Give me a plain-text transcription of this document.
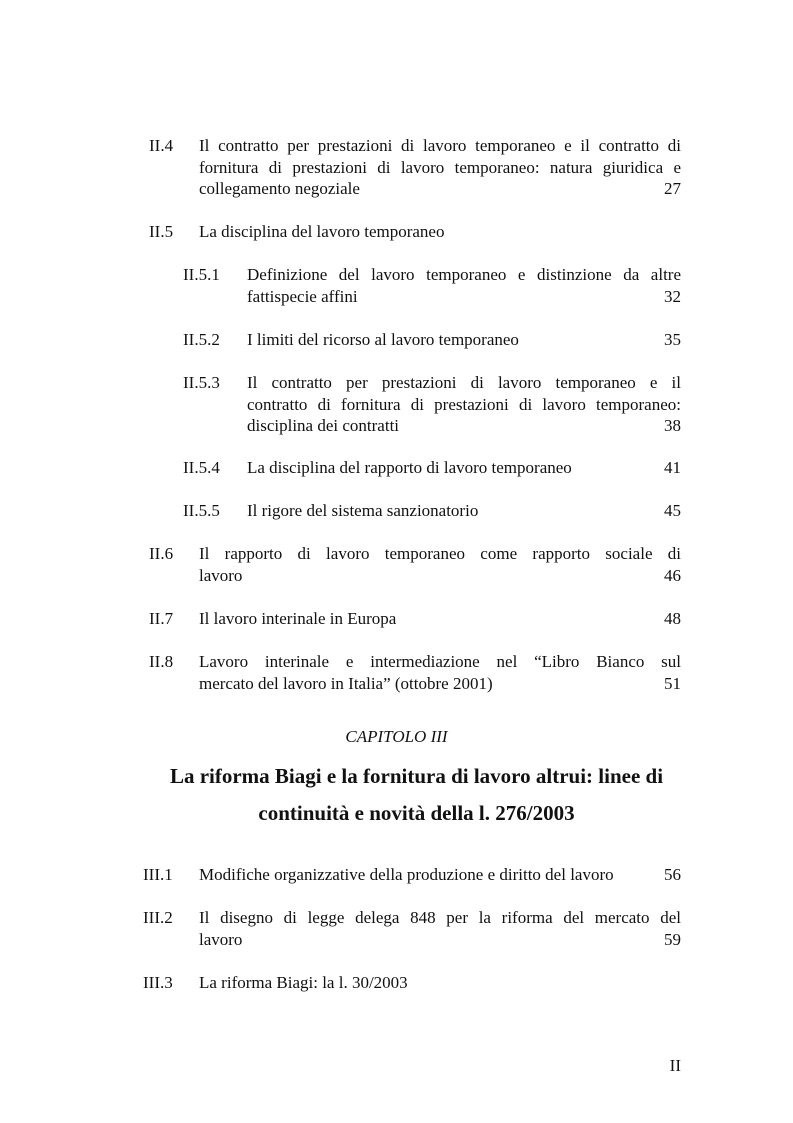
II.4 Il contratto per prestazioni di lavoro temporaneo e il contratto di
fornitura di prestazioni di lavoro temporaneo: natura giuridica e
collegamento negoziale	27
II.5 La disciplina del lavoro temporaneo
II.5.1 Definizione del lavoro temporaneo e distinzione da altre
fattispecie affini	32
II.5.2 I limiti del ricorso al lavoro temporaneo	35
II.5.3 Il contratto per prestazioni di lavoro temporaneo e il
contratto di fornitura di prestazioni di lavoro temporaneo:
disciplina dei contratti	38
II.5.4 La disciplina del rapporto di lavoro temporaneo	41
II.5.5 Il rigore del sistema sanzionatorio	45
II.6 Il rapporto di lavoro temporaneo come rapporto sociale di
lavoro	46
II.7 Il lavoro interinale in Europa	48
II.8 Lavoro interinale e intermediazione nel “Libro Bianco sul
mercato del lavoro in Italia” (ottobre 2001)	51
CAPITOLO III
La riforma Biagi e la fornitura di lavoro altrui: linee di
continuità e novità della l. 276/2003
III.1 Modifiche organizzative della produzione e diritto del lavoro	56
III.2 Il disegno di legge delega 848 per la riforma del mercato del
lavoro	59
III.3 La riforma Biagi: la l. 30/2003
II
